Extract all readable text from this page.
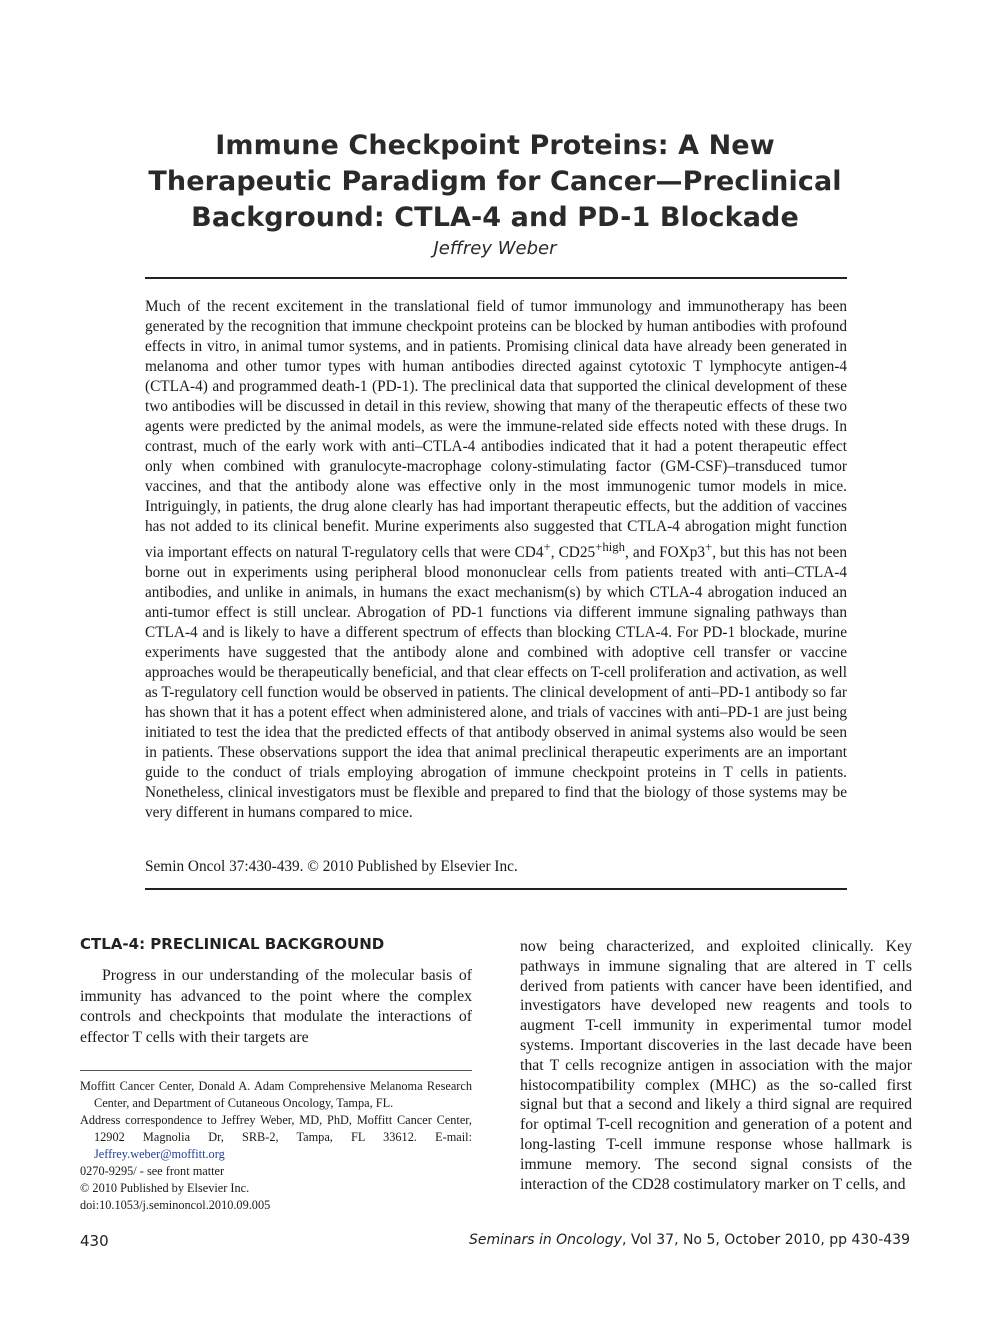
Immune Checkpoint Proteins: A New Therapeutic Paradigm for Cancer—Preclinical Background: CTLA-4 and PD-1 Blockade
Jeffrey Weber

Much of the recent excitement in the translational field of tumor immunology and immunotherapy has been generated by the recognition that immune checkpoint proteins can be blocked by human antibodies with profound effects in vitro, in animal tumor systems, and in patients. Promising clinical data have already been generated in melanoma and other tumor types with human antibodies directed against cytotoxic T lymphocyte antigen-4 (CTLA-4) and programmed death-1 (PD-1). The preclinical data that supported the clinical development of these two antibodies will be discussed in detail in this review, showing that many of the therapeutic effects of these two agents were predicted by the animal models, as were the immune-related side effects noted with these drugs. In contrast, much of the early work with anti–CTLA-4 antibodies indicated that it had a potent therapeutic effect only when combined with granulocyte-macrophage colony-stimulating factor (GM-CSF)–transduced tumor vaccines, and that the antibody alone was effective only in the most immunogenic tumor models in mice. Intriguingly, in patients, the drug alone clearly has had important therapeutic effects, but the addition of vaccines has not added to its clinical benefit. Murine experiments also suggested that CTLA-4 abrogation might function via important effects on natural T-regulatory cells that were CD4+, $CD25^{+high}$, and FOXp3+, but this has not been borne out in experiments using peripheral blood mononuclear cells from patients treated with anti–CTLA-4 antibodies, and unlike in animals, in humans the exact mechanism(s) by which CTLA-4 abrogation induced an anti-tumor effect is still unclear. Abrogation of PD-1 functions via different immune signaling pathways than CTLA-4 and is likely to have a different spectrum of effects than blocking CTLA-4. For PD-1 blockade, murine experiments have suggested that the antibody alone and combined with adoptive cell transfer or vaccine approaches would be therapeutically beneficial, and that clear effects on T-cell proliferation and activation, as well as T-regulatory cell function would be observed in patients. The clinical development of anti–PD-1 antibody so far has shown that it has a potent effect when administered alone, and trials of vaccines with anti–PD-1 are just being initiated to test the idea that the predicted effects of that antibody observed in animal systems also would be seen in patients. These observations support the idea that animal preclinical therapeutic experiments are an important guide to the conduct of trials employing abrogation of immune checkpoint proteins in T cells in patients. Nonetheless, clinical investigators must be flexible and prepared to find that the biology of those systems may be very different in humans compared to mice.

Semin Oncol 37:430-439. © 2010 Published by Elsevier Inc.

CTLA-4: PRECLINICAL BACKGROUND

Progress in our understanding of the molecular basis of immunity has advanced to the point where the complex controls and checkpoints that modulate the interactions of effector T cells with their targets are

Moffitt Cancer Center, Donald A. Adam Comprehensive Melanoma Research Center, and Department of Cutaneous Oncology, Tampa, FL.

Address correspondence to Jeffrey Weber, MD, PhD, Moffitt Cancer Center, 12902 Magnolia Dr, SRB-2, Tampa, FL 33612. E-mail: Jeffrey.weber@moffitt.org

0270-9295/ - see front matter

© 2010 Published by Elsevier Inc.

doi:10.1053/j.seminoncol.2010.09.005

now being characterized, and exploited clinically. Key pathways in immune signaling that are altered in T cells derived from patients with cancer have been identified, and investigators have developed new reagents and tools to augment T-cell immunity in experimental tumor model systems. Important discoveries in the last decade have been that T cells recognize antigen in association with the major histocompatibility complex (MHC) as the so-called first signal but that a second and likely a third signal are required for optimal T-cell recognition and generation of a potent and long-lasting T-cell immune response whose hallmark is immune memory. The second signal consists of the interaction of the CD28 costimulatory marker on T cells, and

430	Seminars in Oncology, Vol 37, No 5, October 2010, pp 430-439
